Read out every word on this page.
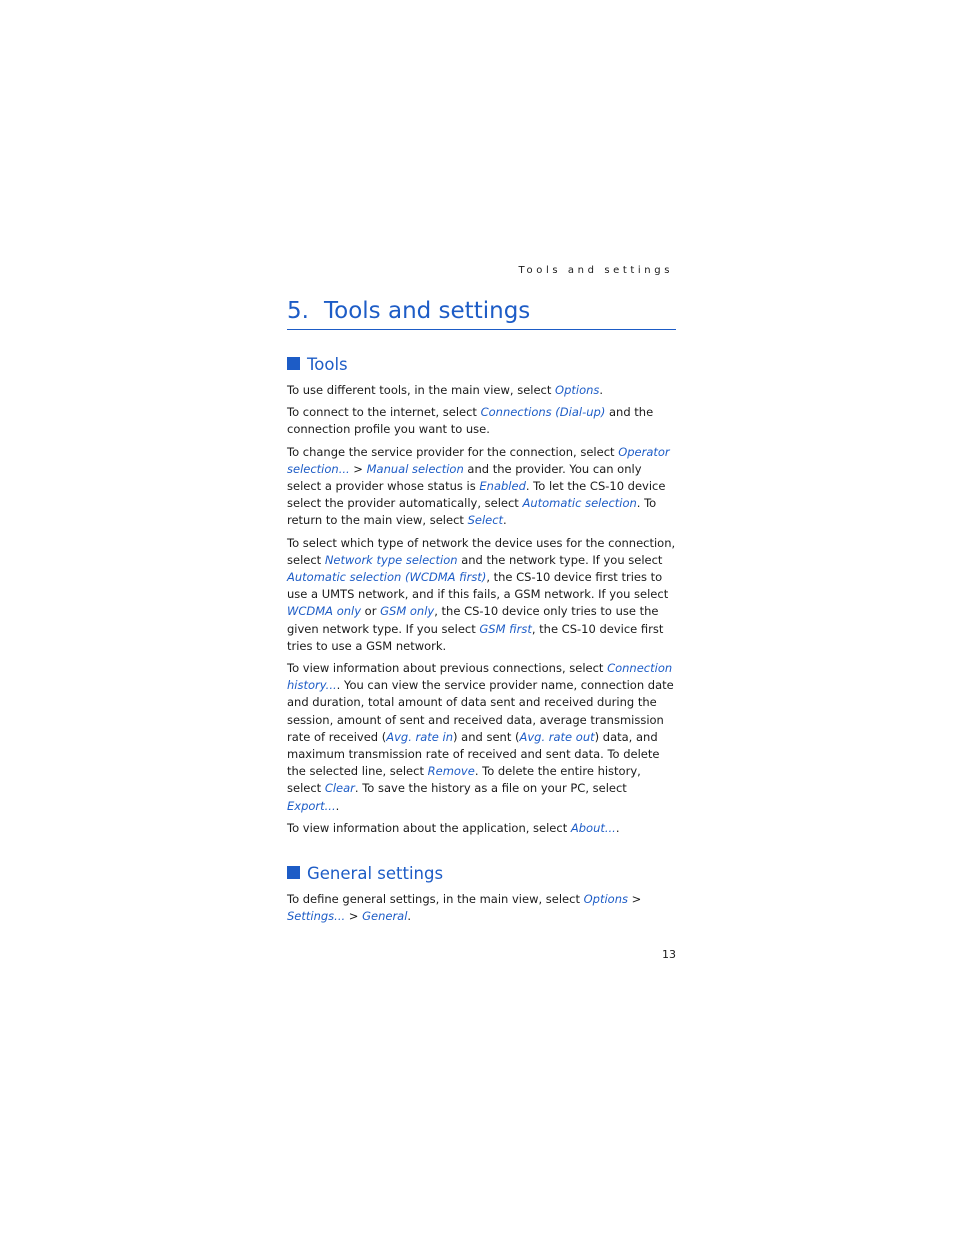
Tools and settings
5. Tools and settings
Tools

To use different tools, in the main view, select Options.

To connect to the internet, select Connections (Dial-up) and the connection profile you want to use.

To change the service provider for the connection, select Operator selection... > Manual selection and the provider. You can only select a provider whose status is Enabled. To let the CS-10 device select the provider automatically, select Automatic selection. To return to the main view, select Select.

To select which type of network the device uses for the connection, select Network type selection and the network type. If you select Automatic selection (WCDMA first), the CS-10 device first tries to use a UMTS network, and if this fails, a GSM network. If you select WCDMA only or GSM only, the CS-10 device only tries to use the given network type. If you select GSM first, the CS-10 device first tries to use a GSM network.

To view information about previous connections, select Connection history.... You can view the service provider name, connection date and duration, total amount of data sent and received during the session, amount of sent and received data, average transmission rate of received (Avg. rate in) and sent (Avg. rate out) data, and maximum transmission rate of received and sent data. To delete the selected line, select Remove. To delete the entire history, select Clear. To save the history as a file on your PC, select Export....

To view information about the application, select About....

General settings

To define general settings, in the main view, select Options > Settings... > General.

13
